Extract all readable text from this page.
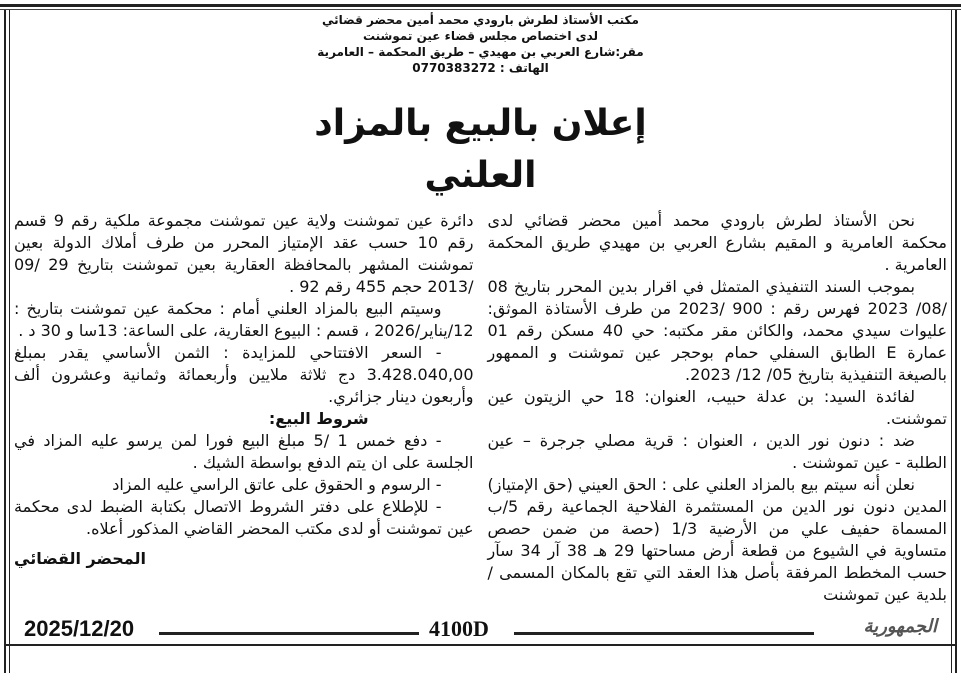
مكتب الأستاذ لطرش بارودي محمد أمين محضر قضائي
لدى اختصاص مجلس قضاء عين تموشنت
مقر:شارع العربي بن مهيدي – طريق المحكمة – العامرية
الهاتف : 0770383272
إعلان بالبيع بالمزاد العلني

نحن الأستاذ لطرش بارودي محمد أمين محضر قضائي لدى محكمة العامرية و المقيم بشارع العربي بن مهيدي طريق المحكمة العامرية .

بموجب السند التنفيذي المتمثل في اقرار بدين المحرر بتاريخ 08 /08/ 2023 فهرس رقم : 900 /2023 من طرف الأستاذة الموثق: عليوات سيدي محمد، والكائن مقر مكتبه: حي 40 مسكن رقم 01 عمارة E الطابق السفلي حمام بوحجر عين تموشنت و الممهور بالصيغة التنفيذية بتاريخ 05/ 12/ 2023.

لفائدة السيد: بن عدلة حبيب، العنوان: 18 حي الزيتون عين تموشنت.

ضد : دنون نور الدين ، العنوان : قرية مصلي جرجرة – عين الطلبة - عين تموشنت .

نعلن أنه سيتم بيع بالمزاد العلني على : الحق العيني (حق الإمتياز) المدين دنون نور الدين من المستثمرة الفلاحية الجماعية رقم 5/ب المسماة حفيف علي من الأرضية 1/3 (حصة من ضمن حصص متساوية في الشيوع من قطعة أرض مساحتها 29 هـ 38 آر 34 سآر حسب المخطط المرفقة بأصل هذا العقد التي تقع بالمكان المسمى / بلدية عين تموشنت

دائرة عين تموشنت ولاية عين تموشنت مجموعة ملكية رقم 9 قسم رقم 10 حسب عقد الإمتياز المحرر من طرف أملاك الدولة بعين تموشنت المشهر بالمحافظة العقارية بعين تموشنت بتاريخ 29 /09 /2013 حجم 455 رقم 92 .

وسيتم البيع بالمزاد العلني أمام : محكمة عين تموشنت بتاريخ : 12/يناير/2026 ، قسم : البيوع العقارية، على الساعة: 13سا و 30 د .

- السعر الافتتاحي للمزايدة : الثمن الأساسي يقدر بمبلغ 3.428.040,00 دج ثلاثة ملايين وأربعمائة وثمانية وعشرون ألف وأربعون دينار جزائري.

شروط البيع:

- دفع خمس 1 /5 مبلغ البيع فورا لمن يرسو عليه المزاد في الجلسة على ان يتم الدفع بواسطة الشيك .

- الرسوم و الحقوق على عاتق الراسي عليه المزاد

- للإطلاع على دفتر الشروط الاتصال بكتابة الضبط لدى محكمة عين تموشنت أو لدى مكتب المحضر القاضي المذكور أعلاه.

المحضر القضائي

2025/12/20	4100D	الجمهورية
